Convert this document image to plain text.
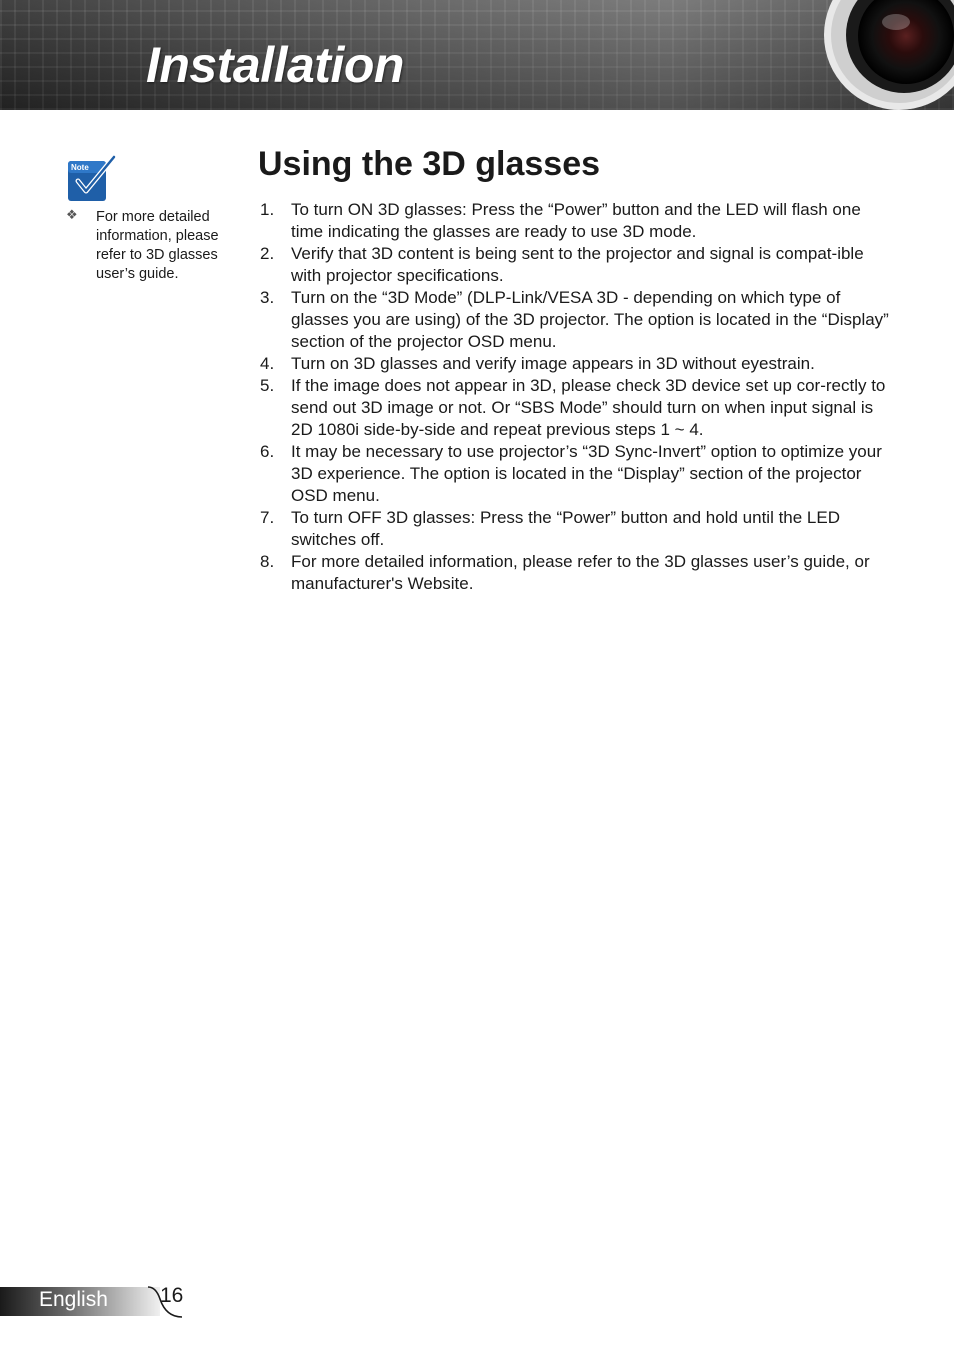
Installation
Note
❖ For more detailed information, please refer to 3D glasses user’s guide.
Using the 3D glasses
1. To turn ON 3D glasses: Press the “Power” button and the LED will flash one time indicating the glasses are ready to use 3D mode.
2. Verify that 3D content is being sent to the projector and signal is compat-ible with projector specifications.
3. Turn on the “3D Mode” (DLP-Link/VESA 3D - depending on which type of glasses you are using) of the 3D projector. The option is located in the “Display” section of the projector OSD menu.
4. Turn on 3D glasses and verify image appears in 3D without eyestrain.
5. If the image does not appear in 3D, please check 3D device set up cor-rectly to send out 3D image or not. Or “SBS Mode” should turn on when input signal is 2D 1080i side-by-side and repeat previous steps 1 ~ 4.
6. It may be necessary to use projector’s “3D Sync-Invert” option to optimize your 3D experience. The option is located in the “Display” section of the projector OSD menu.
7. To turn OFF 3D glasses: Press the “Power” button and hold until the LED switches off.
8. For more detailed information, please refer to the 3D glasses user’s guide, or manufacturer's Website.
English 16
